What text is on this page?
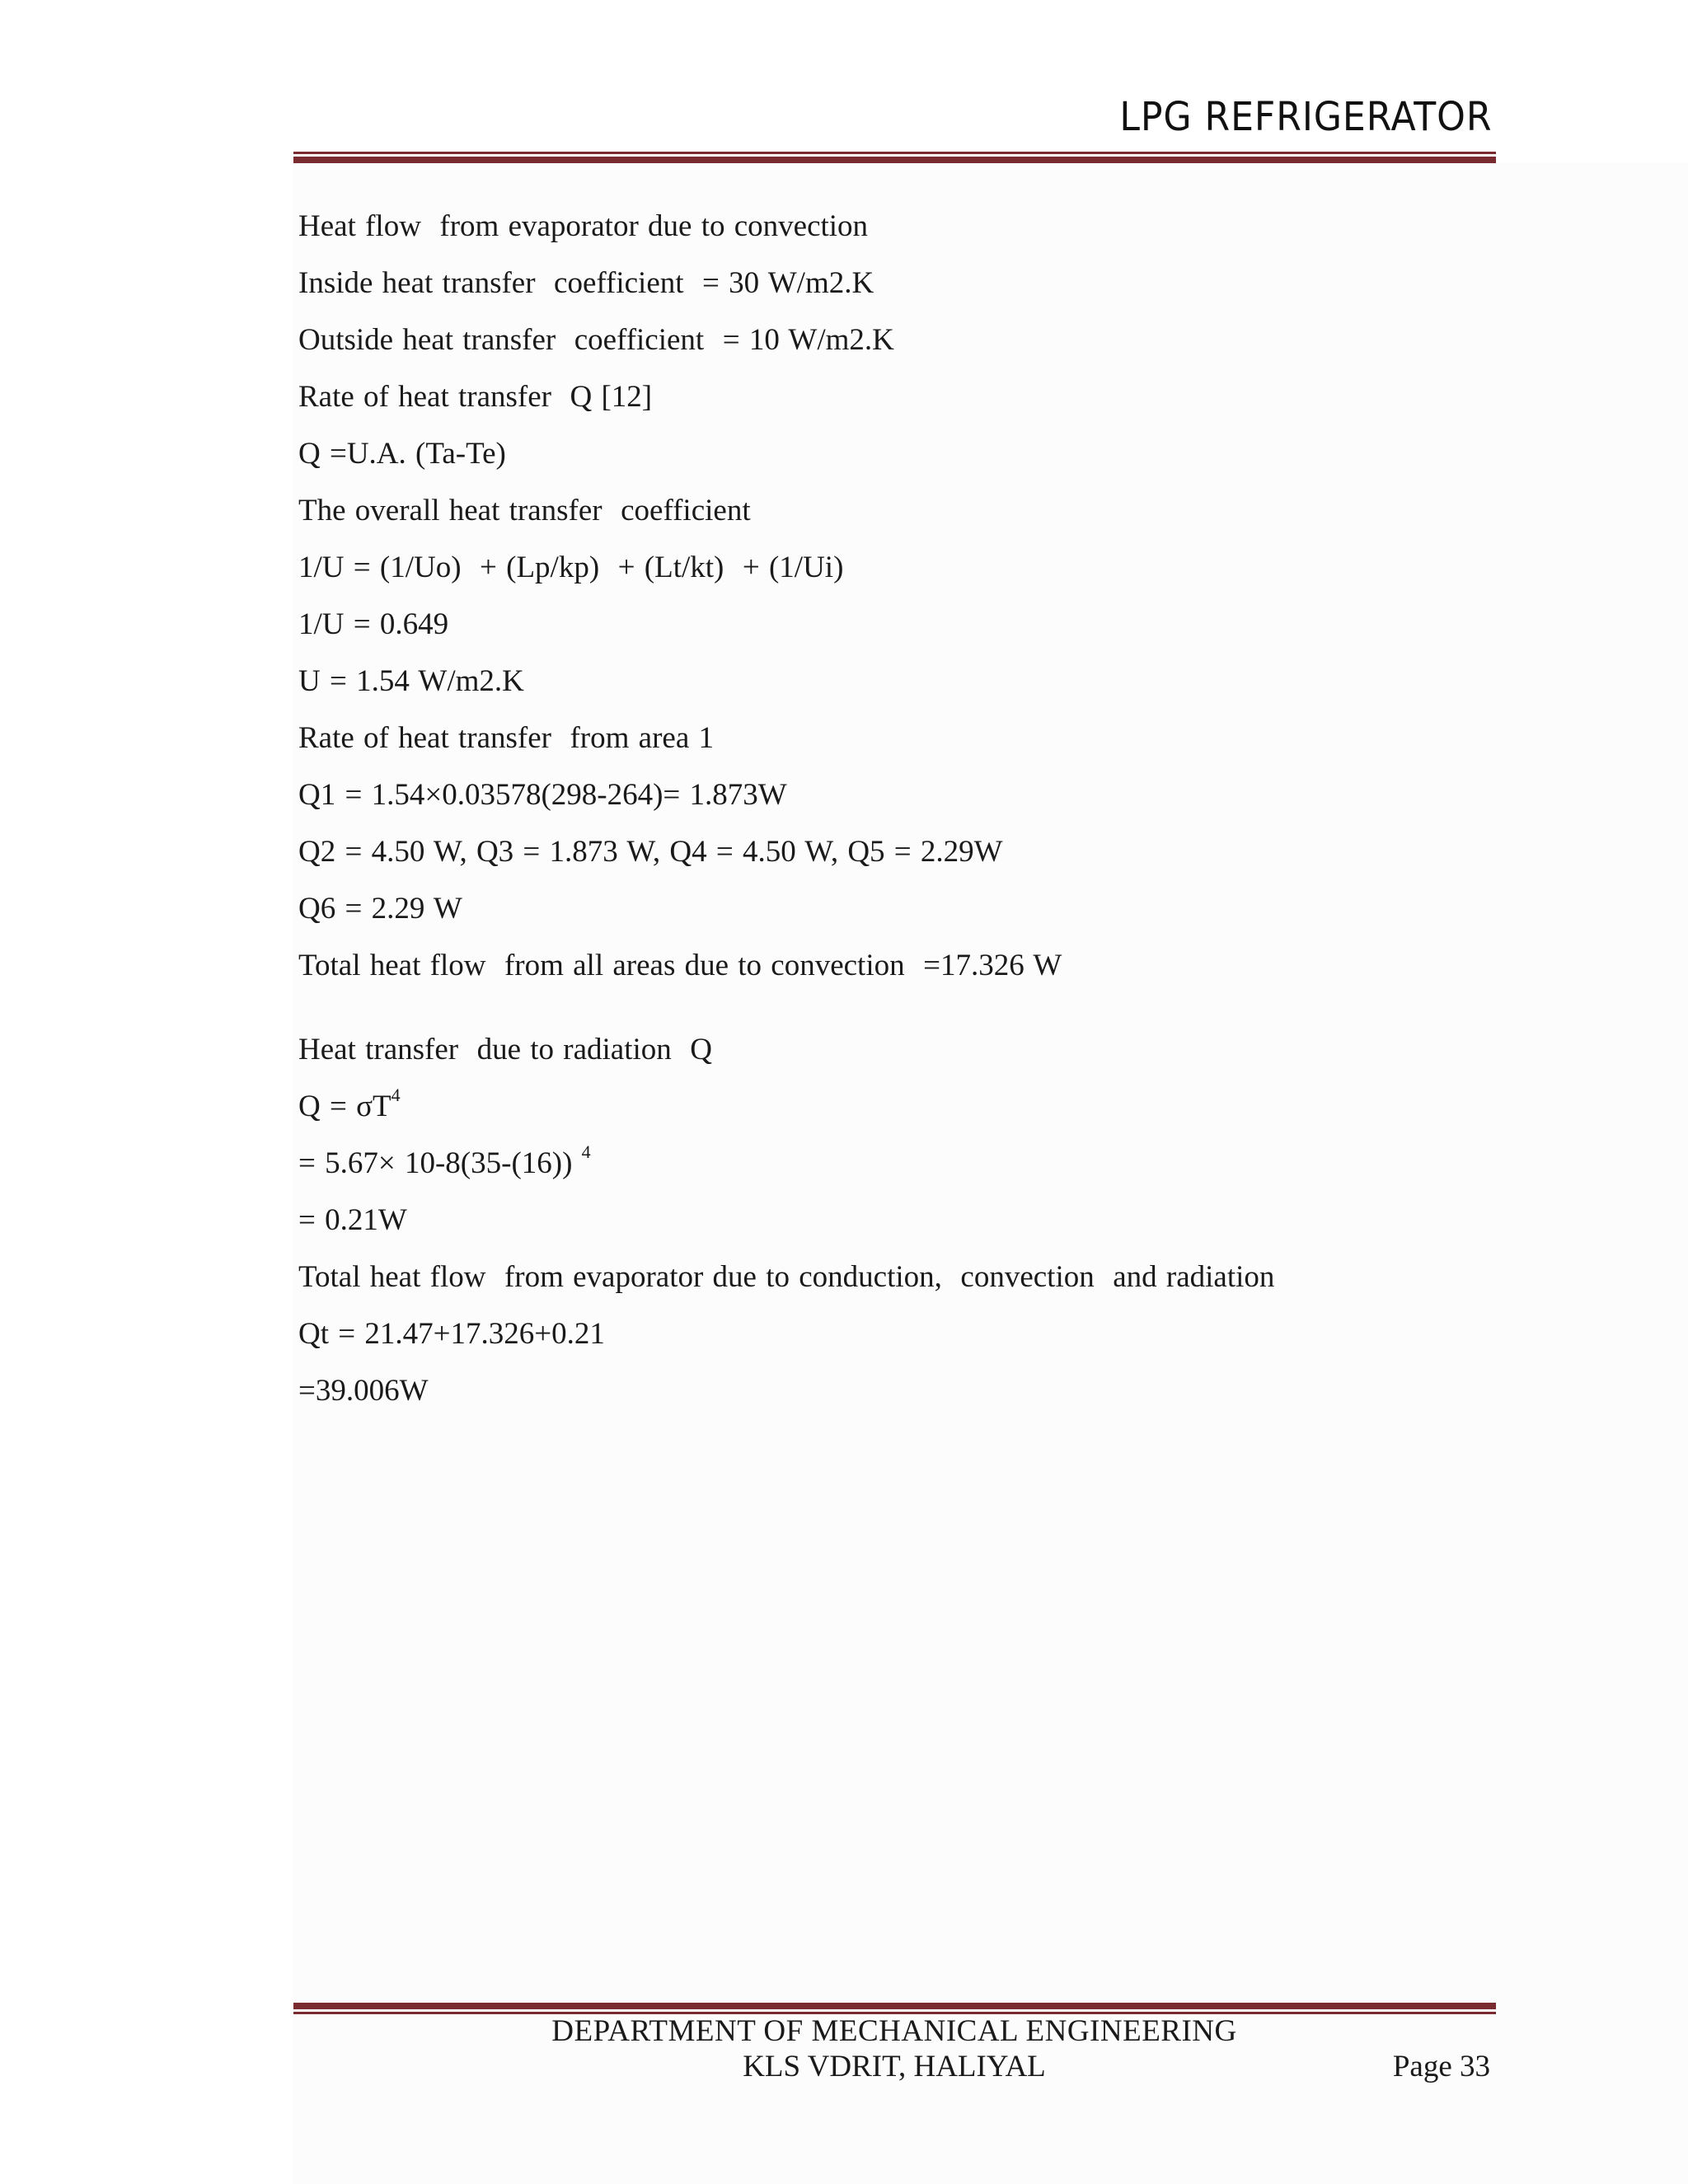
LPG REFRIGERATOR
Heat flow  from evaporator due to convection
Inside heat transfer  coefficient  = 30 W/m2.K
Outside heat transfer  coefficient  = 10 W/m2.K
Rate of heat transfer  Q [12]
Q =U.A. (Ta-Te)
The overall heat transfer  coefficient
1/U = (1/Uo)  + (Lp/kp)  + (Lt/kt)  + (1/Ui)
1/U = 0.649
U = 1.54 W/m2.K
Rate of heat transfer  from area 1
Q1 = 1.54×0.03578(298-264)= 1.873W
Q2 = 4.50 W, Q3 = 1.873 W, Q4 = 4.50 W, Q5 = 2.29W
Q6 = 2.29 W
Total heat flow  from all areas due to convection  =17.326 W
Heat transfer  due to radiation  Q
$Q = \sigma T^4$
= 5.67× 10-8(35-(16)) $^4$
= 0.21W
Total heat flow  from evaporator due to conduction,  convection  and radiation
Qt = 21.47+17.326+0.21
=39.006W
DEPARTMENT OF MECHANICAL ENGINEERING
KLS VDRIT, HALIYAL	Page 33
